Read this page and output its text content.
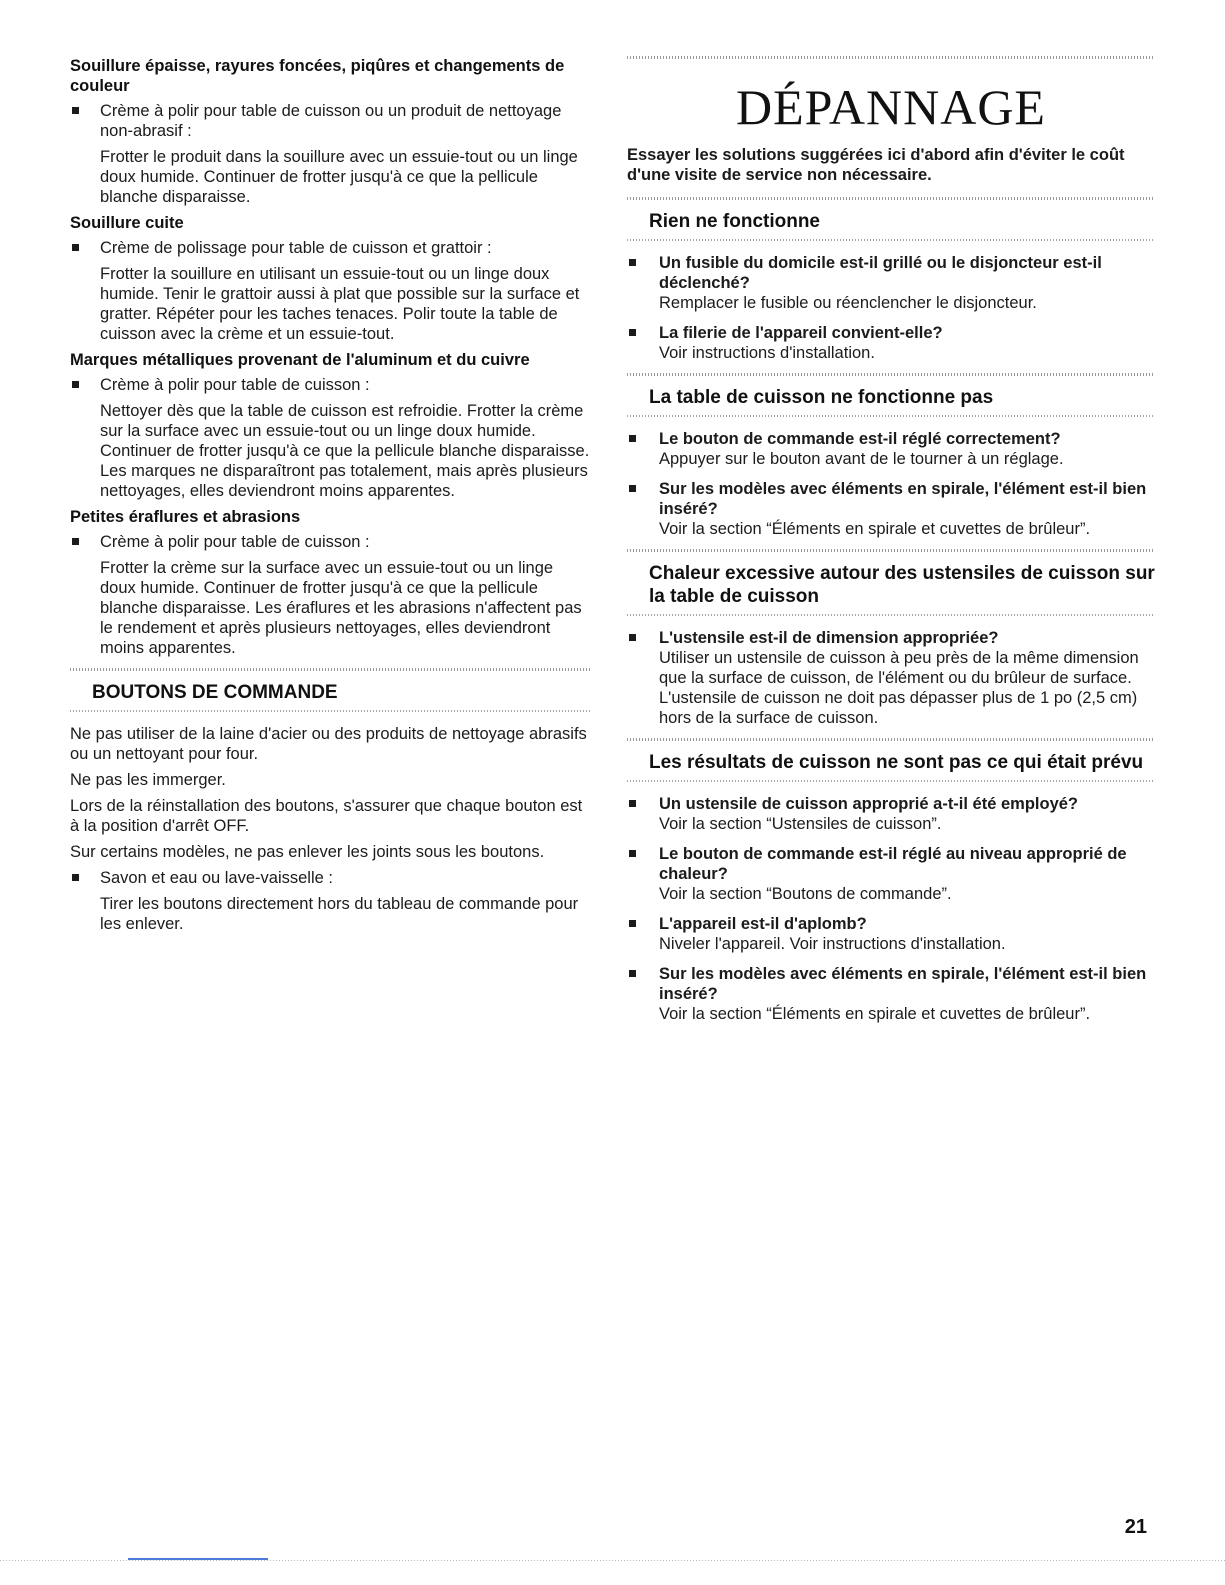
Souillure épaisse, rayures foncées, piqûres et changements de couleur
Crème à polir pour table de cuisson ou un produit de nettoyage non-abrasif :
Frotter le produit dans la souillure avec un essuie-tout ou un linge doux humide. Continuer de frotter jusqu'à ce que la pellicule blanche disparaisse.
Souillure cuite
Crème de polissage pour table de cuisson et grattoir :
Frotter la souillure en utilisant un essuie-tout ou un linge doux humide. Tenir le grattoir aussi à plat que possible sur la surface et gratter. Répéter pour les taches tenaces. Polir toute la table de cuisson avec la crème et un essuie-tout.
Marques métalliques provenant de l'aluminum et du cuivre
Crème à polir pour table de cuisson :
Nettoyer dès que la table de cuisson est refroidie. Frotter la crème sur la surface avec un essuie-tout ou un linge doux humide. Continuer de frotter jusqu'à ce que la pellicule blanche disparaisse. Les marques ne disparaîtront pas totalement, mais après plusieurs nettoyages, elles deviendront moins apparentes.
Petites éraflures et abrasions
Crème à polir pour table de cuisson :
Frotter la crème sur la surface avec un essuie-tout ou un linge doux humide. Continuer de frotter jusqu'à ce que la pellicule blanche disparaisse. Les éraflures et les abrasions n'affectent pas le rendement et après plusieurs nettoyages, elles deviendront moins apparentes.
BOUTONS DE COMMANDE
Ne pas utiliser de la laine d'acier ou des produits de nettoyage abrasifs ou un nettoyant pour four.
Ne pas les immerger.
Lors de la réinstallation des boutons, s'assurer que chaque bouton est à la position d'arrêt OFF.
Sur certains modèles, ne pas enlever les joints sous les boutons.
Savon et eau ou lave-vaisselle :
Tirer les boutons directement hors du tableau de commande pour les enlever.
DÉPANNAGE
Essayer les solutions suggérées ici d'abord afin d'éviter le coût d'une visite de service non nécessaire.
Rien ne fonctionne
Un fusible du domicile est-il grillé ou le disjoncteur est-il déclenché?
Remplacer le fusible ou réenclencher le disjoncteur.
La filerie de l'appareil convient-elle?
Voir instructions d'installation.
La table de cuisson ne fonctionne pas
Le bouton de commande est-il réglé correctement?
Appuyer sur le bouton avant de le tourner à un réglage.
Sur les modèles avec éléments en spirale, l'élément est-il bien inséré?
Voir la section “Éléments en spirale et cuvettes de brûleur”.
Chaleur excessive autour des ustensiles de cuisson sur la table de cuisson
L'ustensile est-il de dimension appropriée?
Utiliser un ustensile de cuisson à peu près de la même dimension que la surface de cuisson, de l'élément ou du brûleur de surface. L'ustensile de cuisson ne doit pas dépasser plus de 1 po (2,5 cm) hors de la surface de cuisson.
Les résultats de cuisson ne sont pas ce qui était prévu
Un ustensile de cuisson approprié a-t-il été employé?
Voir la section “Ustensiles de cuisson”.
Le bouton de commande est-il réglé au niveau approprié de chaleur?
Voir la section “Boutons de commande”.
L'appareil est-il d'aplomb?
Niveler l'appareil. Voir instructions d'installation.
Sur les modèles avec éléments en spirale, l'élément est-il bien inséré?
Voir la section “Éléments en spirale et cuvettes de brûleur”.
21
